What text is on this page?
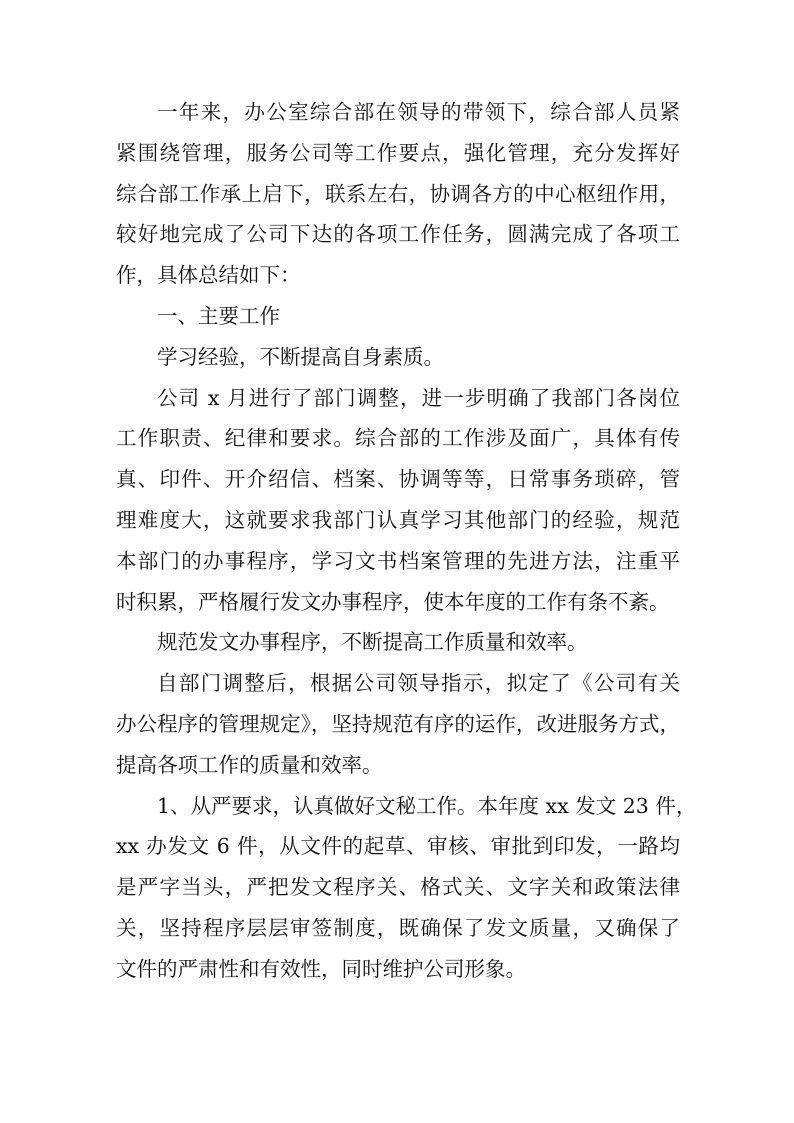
一年来，办公室综合部在领导的带领下，综合部人员紧
紧围绕管理，服务公司等工作要点，强化管理，充分发挥好
综合部工作承上启下，联系左右，协调各方的中心枢纽作用，
较好地完成了公司下达的各项工作任务，圆满完成了各项工
作，具体总结如下：
一、主要工作
学习经验，不断提高自身素质。
公司 x 月进行了部门调整，进一步明确了我部门各岗位
工作职责、纪律和要求。综合部的工作涉及面广，具体有传
真、印件、开介绍信、档案、协调等等，日常事务琐碎，管
理难度大，这就要求我部门认真学习其他部门的经验，规范
本部门的办事程序，学习文书档案管理的先进方法，注重平
时积累，严格履行发文办事程序，使本年度的工作有条不紊。
规范发文办事程序，不断提高工作质量和效率。
自部门调整后，根据公司领导指示，拟定了《公司有关
办公程序的管理规定》，坚持规范有序的运作，改进服务方式，
提高各项工作的质量和效率。
1、从严要求，认真做好文秘工作。本年度 xx 发文 23 件，
xx 办发文 6 件，从文件的起草、审核、审批到印发，一路均
是严字当头，严把发文程序关、格式关、文字关和政策法律
关，坚持程序层层审签制度，既确保了发文质量，又确保了
文件的严肃性和有效性，同时维护公司形象。
